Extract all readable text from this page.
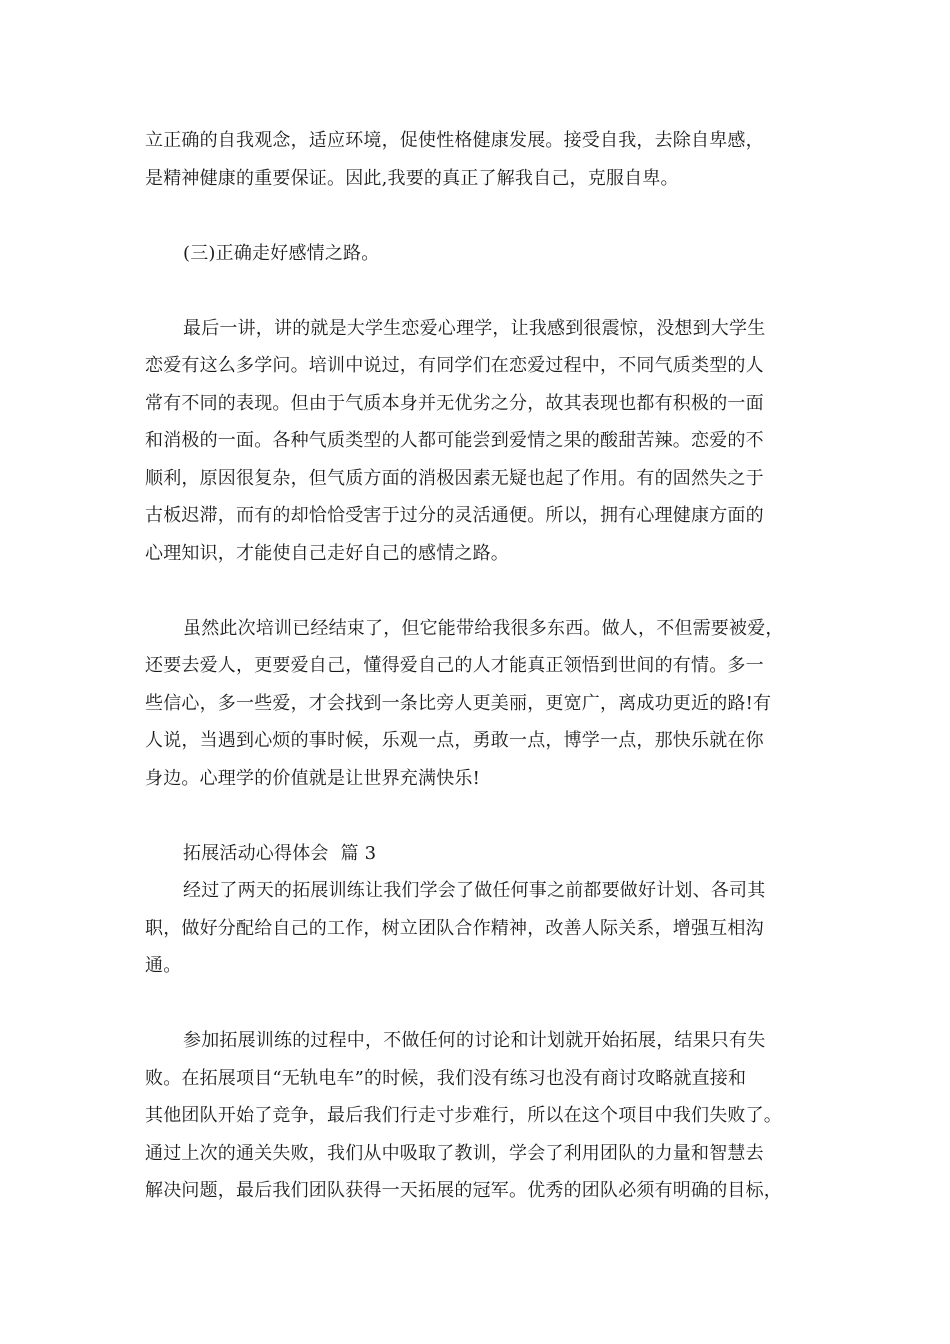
立正确的自我观念，适应环境，促使性格健康发展。接受自我，去除自卑感，
是精神健康的重要保证。因此,我要的真正了解我自己，克服自卑。
(三)正确走好感情之路。
最后一讲，讲的就是大学生恋爱心理学，让我感到很震惊，没想到大学生
恋爱有这么多学问。培训中说过，有同学们在恋爱过程中，不同气质类型的人
常有不同的表现。但由于气质本身并无优劣之分，故其表现也都有积极的一面
和消极的一面。各种气质类型的人都可能尝到爱情之果的酸甜苦辣。恋爱的不
顺利，原因很复杂，但气质方面的消极因素无疑也起了作用。有的固然失之于
古板迟滞，而有的却恰恰受害于过分的灵活通便。所以，拥有心理健康方面的
心理知识，才能使自己走好自己的感情之路。
虽然此次培训已经结束了，但它能带给我很多东西。做人，不但需要被爱，
还要去爱人，更要爱自己，懂得爱自己的人才能真正领悟到世间的有情。多一
些信心，多一些爱，才会找到一条比旁人更美丽，更宽广，离成功更近的路!有
人说，当遇到心烦的事时候，乐观一点，勇敢一点，博学一点，那快乐就在你
身边。心理学的价值就是让世界充满快乐!
拓展活动心得体会  篇 3
经过了两天的拓展训练让我们学会了做任何事之前都要做好计划、各司其
职，做好分配给自己的工作，树立团队合作精神，改善人际关系，增强互相沟
通。
参加拓展训练的过程中，不做任何的讨论和计划就开始拓展，结果只有失
败。在拓展项目“无轨电车”的时候，我们没有练习也没有商讨攻略就直接和
其他团队开始了竞争，最后我们行走寸步难行，所以在这个项目中我们失败了。
通过上次的通关失败，我们从中吸取了教训，学会了利用团队的力量和智慧去
解决问题，最后我们团队获得一天拓展的冠军。优秀的团队必须有明确的目标，
